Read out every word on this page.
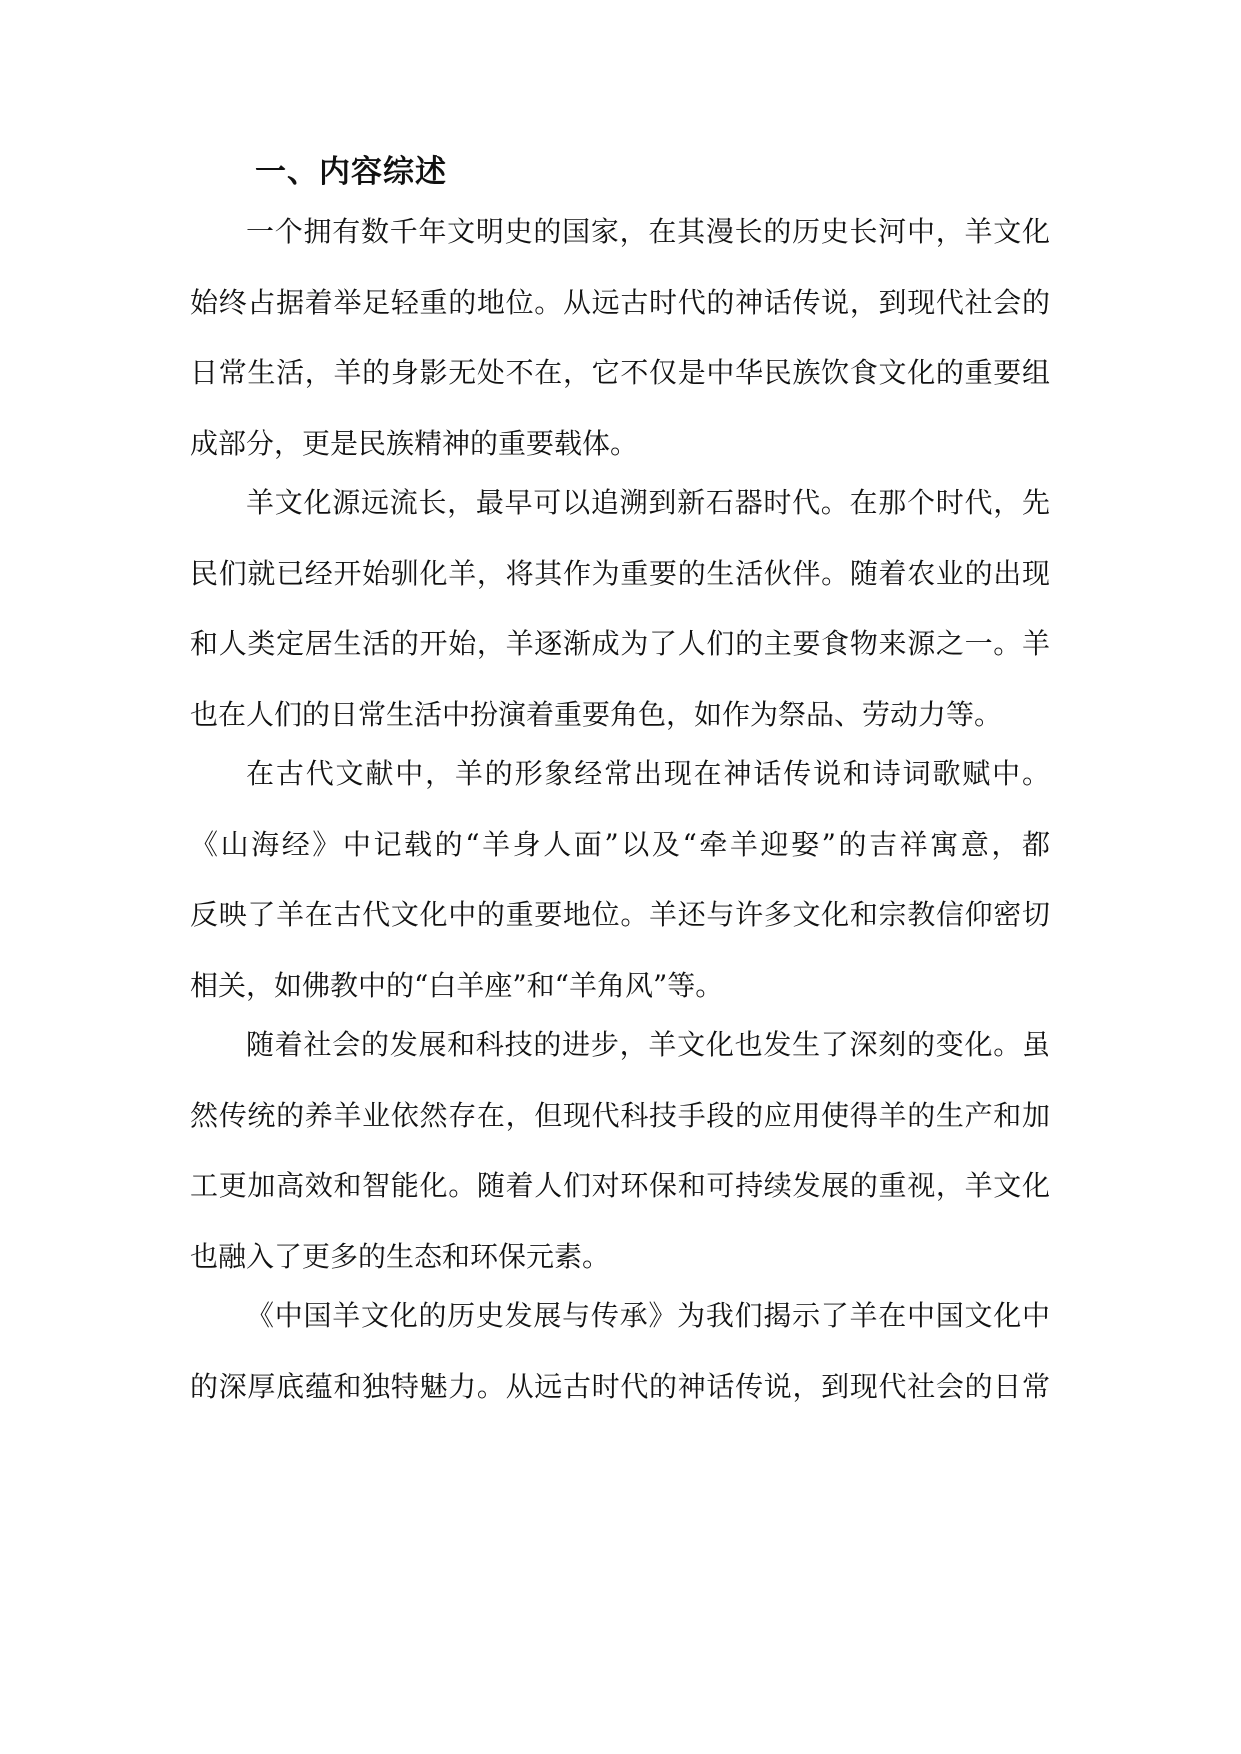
一、内容综述
一个拥有数千年文明史的国家，在其漫长的历史长河中，羊文化
始终占据着举足轻重的地位。从远古时代的神话传说，到现代社会的
日常生活，羊的身影无处不在，它不仅是中华民族饮食文化的重要组
成部分，更是民族精神的重要载体。
羊文化源远流长，最早可以追溯到新石器时代。在那个时代，先
民们就已经开始驯化羊，将其作为重要的生活伙伴。随着农业的出现
和人类定居生活的开始，羊逐渐成为了人们的主要食物来源之一。羊
也在人们的日常生活中扮演着重要角色，如作为祭品、劳动力等。
在古代文献中，羊的形象经常出现在神话传说和诗词歌赋中。
《山海经》中记载的“羊身人面”以及“牵羊迎娶”的吉祥寓意，都
反映了羊在古代文化中的重要地位。羊还与许多文化和宗教信仰密切
相关，如佛教中的“白羊座”和“羊角风”等。
随着社会的发展和科技的进步，羊文化也发生了深刻的变化。虽
然传统的养羊业依然存在，但现代科技手段的应用使得羊的生产和加
工更加高效和智能化。随着人们对环保和可持续发展的重视，羊文化
也融入了更多的生态和环保元素。
《中国羊文化的历史发展与传承》为我们揭示了羊在中国文化中
的深厚底蕴和独特魅力。从远古时代的神话传说，到现代社会的日常
